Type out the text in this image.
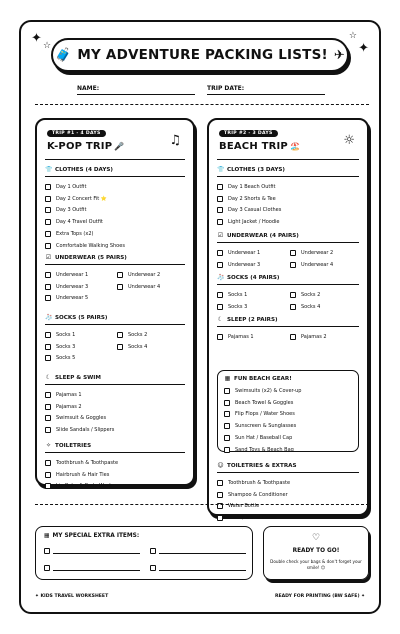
✦ ☆
☆
✦
🧳 MY ADVENTURE PACKING LISTS! ✈
NAME:	TRIP DATE:
TRIP #1 - 4 DAYS
K-POP TRIP 🎤	♫
👕 CLOTHES (4 DAYS)
Day 1 Outfit
Day 2 Concert Fit ⭐
Day 3 Outfit
Day 4 Travel Outfit
Extra Tops (x2)
Comfortable Walking Shoes
☑ UNDERWEAR (5 PAIRS)
Underwear 1	Underwear 2
Underwear 3	Underwear 4
Underwear 5
🧦 SOCKS (5 PAIRS)
Socks 1	Socks 2
Socks 3	Socks 4
Socks 5
☾ SLEEP & SWIM
Pajamas 1
Pajamas 2
Swimsuit & Goggles
Slide Sandals / Slippers
✧ TOILETRIES
Toothbrush & Toothpaste
Hairbrush & Hair Ties
Lip Balm & Body Wash
TRIP #2 - 3 DAYS
BEACH TRIP 🏖️	☼
👕 CLOTHES (3 DAYS)
Day 1 Beach Outfit
Day 2 Shorts & Tee
Day 3 Casual Clothes
Light Jacket / Hoodie
☑ UNDERWEAR (4 PAIRS)
Underwear 1	Underwear 2
Underwear 3	Underwear 4
🧦 SOCKS (4 PAIRS)
Socks 1	Socks 2
Socks 3	Socks 4
☾ SLEEP (2 PAIRS)
Pajamas 1	Pajamas 2
▦ FUN BEACH GEAR!
Swimsuits (x2) & Cover-up
Beach Towel & Goggles
Flip Flops / Water Shoes
Sunscreen & Sunglasses
Sun Hat / Baseball Cap
Sand Toys & Beach Bag
☺ TOILETRIES & EXTRAS
Toothbrush & Toothpaste
Shampoo & Conditioner
Water Bottle
Book / Travel Game
▦ MY SPECIAL EXTRA ITEMS:	♡
READY TO GO!
Double check your bags & don't forget your smile! 😊
✦ KIDS TRAVEL WORKSHEET	READY FOR PRINTING (BW SAFE) ✦
